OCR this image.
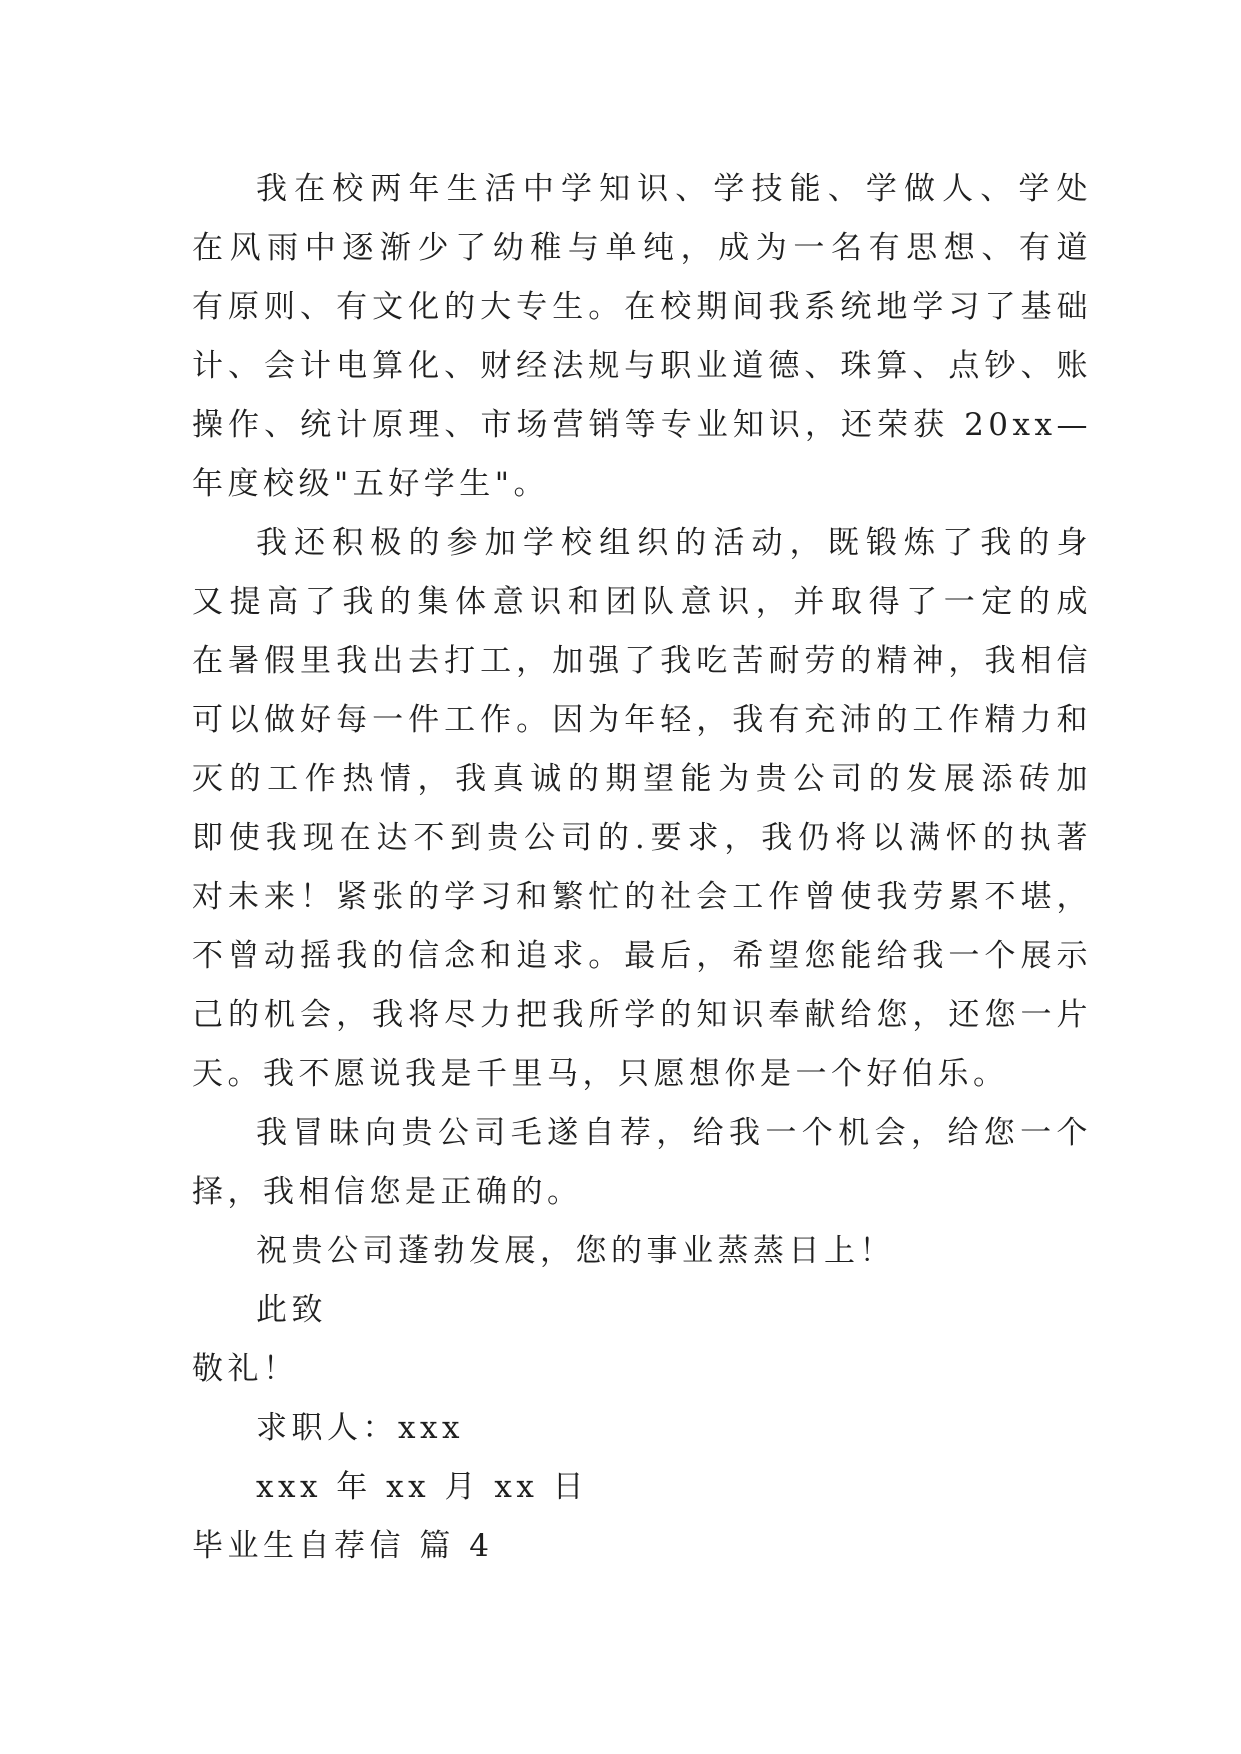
我在校两年生活中学知识、学技能、学做人、学处
在风雨中逐渐少了幼稚与单纯，成为一名有思想、有道
有原则、有文化的大专生。在校期间我系统地学习了基础
计、会计电算化、财经法规与职业道德、珠算、点钞、账
操作、统计原理、市场营销等专业知识，还荣获 20xx—
年度校级"五好学生"。
我还积极的参加学校组织的活动，既锻炼了我的身
又提高了我的集体意识和团队意识，并取得了一定的成
在暑假里我出去打工，加强了我吃苦耐劳的精神，我相信
可以做好每一件工作。因为年轻，我有充沛的工作精力和
灭的工作热情，我真诚的期望能为贵公司的发展添砖加
即使我现在达不到贵公司的.要求，我仍将以满怀的执著
对未来！紧张的学习和繁忙的社会工作曾使我劳累不堪，
不曾动摇我的信念和追求。最后，希望您能给我一个展示
己的机会，我将尽力把我所学的知识奉献给您，还您一片
天。我不愿说我是千里马，只愿想你是一个好伯乐。
我冒昧向贵公司毛遂自荐，给我一个机会，给您一个
择，我相信您是正确的。
祝贵公司蓬勃发展，您的事业蒸蒸日上！
此致
敬礼！
求职人：xxx
xxx 年 xx 月 xx 日
毕业生自荐信 篇 4
